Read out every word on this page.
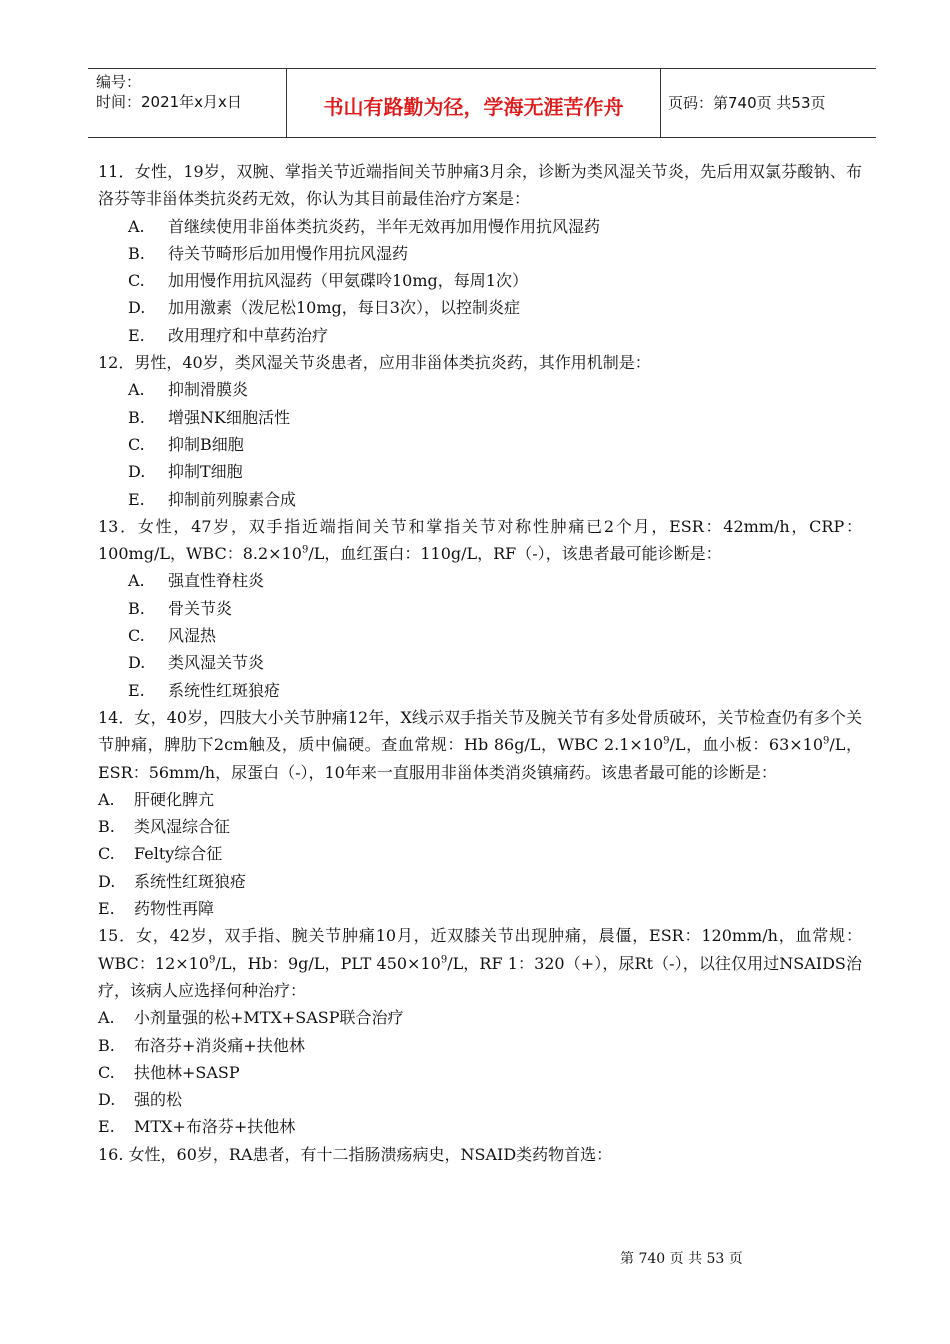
编号：
时间：2021年x月x日	书山有路勤为径，学海无涯苦作舟	页码：第740页 共53页
11．女性，19岁，双腕、掌指关节近端指间关节肿痛3月余，诊断为类风湿关节炎，先后用双氯芬酸钠、布洛芬等非甾体类抗炎药无效，你认为其目前最佳治疗方案是：
A. 首继续使用非甾体类抗炎药，半年无效再加用慢作用抗风湿药
B. 待关节畸形后加用慢作用抗风湿药
C. 加用慢作用抗风湿药（甲氨碟呤10mg，每周1次）
D. 加用激素（泼尼松10mg，每日3次），以控制炎症
E. 改用理疗和中草药治疗
12．男性，40岁，类风湿关节炎患者，应用非甾体类抗炎药，其作用机制是：
A. 抑制滑膜炎
B. 增强NK细胞活性
C. 抑制B细胞
D. 抑制T细胞
E. 抑制前列腺素合成
13．女性，47岁，双手指近端指间关节和掌指关节对称性肿痛已2个月，ESR：42mm/h，CRP：100mg/L，WBC：$8.2\times 10^9/L$，血红蛋白：110g/L，RF（-），该患者最可能诊断是：
A. 强直性脊柱炎
B. 骨关节炎
C. 风湿热
D. 类风湿关节炎
E. 系统性红斑狼疮
14．女，40岁，四肢大小关节肿痛12年，X线示双手指关节及腕关节有多处骨质破环，关节检查仍有多个关节肿痛，脾肋下2cm触及，质中偏硬。查血常规：Hb 86g/L，WBC $2.1\times 10^9/L$，血小板：$63\times 10^9/L$，ESR：56mm/h，尿蛋白（-），10年来一直服用非甾体类消炎镇痛药。该患者最可能的诊断是：
A. 肝硬化脾亢
B. 类风湿综合征
C. Felty综合征
D. 系统性红斑狼疮
E. 药物性再障
15．女，42岁，双手指、腕关节肿痛10月，近双膝关节出现肿痛，晨僵，ESR：120mm/h，血常规：WBC：$12\times 10^9/L$，Hb：9g/L，PLT $450\times 10^9/L$，RF 1：320（+），尿Rt（-），以往仅用过NSAIDS治疗，该病人应选择何种治疗：
A. 小剂量强的松+MTX+SASP联合治疗
B. 布洛芬+消炎痛+扶他林
C. 扶他林+SASP
D. 强的松
E. MTX+布洛芬+扶他林
16. 女性，60岁，RA患者，有十二指肠溃疡病史，NSAID类药物首选：
第 740 页 共 53 页
